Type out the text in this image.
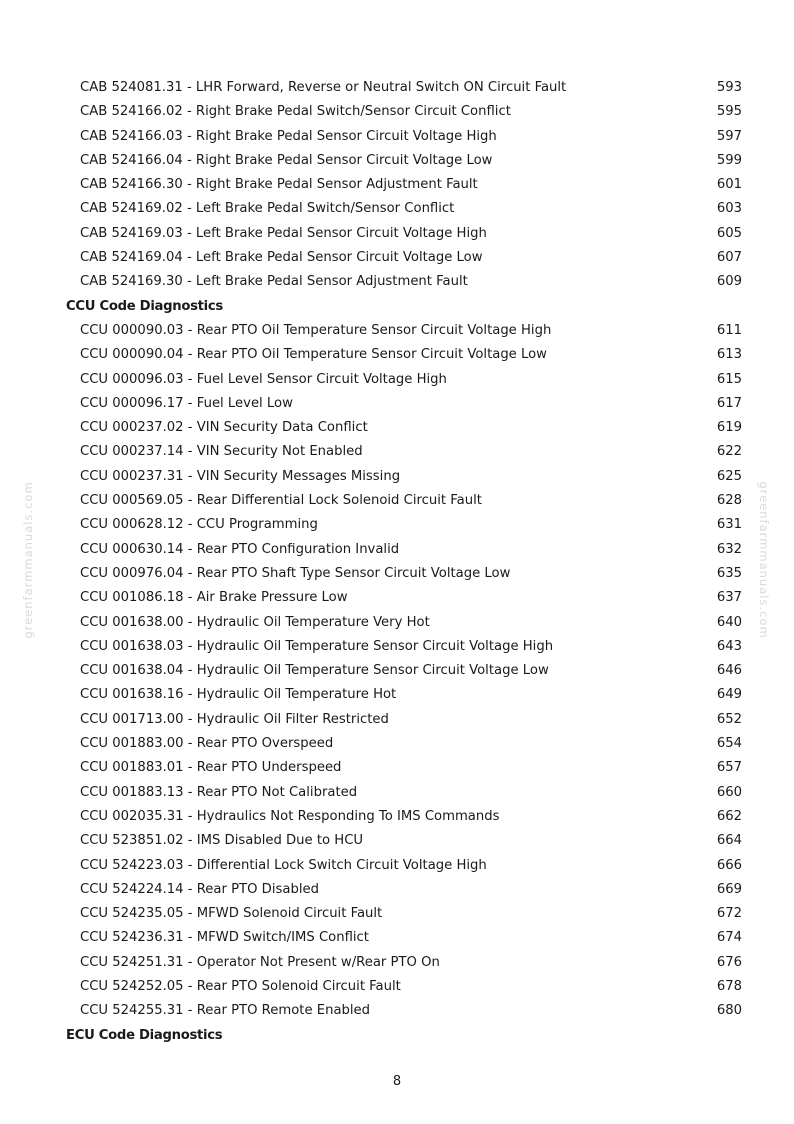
CAB 524081.31 - LHR Forward, Reverse or Neutral Switch ON Circuit Fault	593
CAB 524166.02 - Right Brake Pedal Switch/Sensor Circuit Conflict	595
CAB 524166.03 - Right Brake Pedal Sensor Circuit Voltage High	597
CAB 524166.04 - Right Brake Pedal Sensor Circuit Voltage Low	599
CAB 524166.30 - Right Brake Pedal Sensor Adjustment Fault	601
CAB 524169.02 - Left Brake Pedal Switch/Sensor Conflict	603
CAB 524169.03 - Left Brake Pedal Sensor Circuit Voltage High	605
CAB 524169.04 - Left Brake Pedal Sensor Circuit Voltage Low	607
CAB 524169.30 - Left Brake Pedal Sensor Adjustment Fault	609
CCU Code Diagnostics
CCU 000090.03 - Rear PTO Oil Temperature Sensor Circuit Voltage High	611
CCU 000090.04 - Rear PTO Oil Temperature Sensor Circuit Voltage Low	613
CCU 000096.03 - Fuel Level Sensor Circuit Voltage High	615
CCU 000096.17 - Fuel Level Low	617
CCU 000237.02 - VIN Security Data Conflict	619
CCU 000237.14 - VIN Security Not Enabled	622
CCU 000237.31 - VIN Security Messages Missing	625
CCU 000569.05 - Rear Differential Lock Solenoid Circuit Fault	628
CCU 000628.12 - CCU Programming	631
CCU 000630.14 - Rear PTO Configuration Invalid	632
CCU 000976.04 - Rear PTO Shaft Type Sensor Circuit Voltage Low	635
CCU 001086.18 - Air Brake Pressure Low	637
CCU 001638.00 - Hydraulic Oil Temperature Very Hot	640
CCU 001638.03 - Hydraulic Oil Temperature Sensor Circuit Voltage High	643
CCU 001638.04 - Hydraulic Oil Temperature Sensor Circuit Voltage Low	646
CCU 001638.16 - Hydraulic Oil Temperature Hot	649
CCU 001713.00 - Hydraulic Oil Filter Restricted	652
CCU 001883.00 - Rear PTO Overspeed	654
CCU 001883.01 - Rear PTO Underspeed	657
CCU 001883.13 - Rear PTO Not Calibrated	660
CCU 002035.31 - Hydraulics Not Responding To IMS Commands	662
CCU 523851.02 - IMS Disabled Due to HCU	664
CCU 524223.03 - Differential Lock Switch Circuit Voltage High	666
CCU 524224.14 - Rear PTO Disabled	669
CCU 524235.05 - MFWD Solenoid Circuit Fault	672
CCU 524236.31 - MFWD Switch/IMS Conflict	674
CCU 524251.31 - Operator Not Present w/Rear PTO On	676
CCU 524252.05 - Rear PTO Solenoid Circuit Fault	678
CCU 524255.31 - Rear PTO Remote Enabled	680
ECU Code Diagnostics
8
greenfarmmanuals.com	greenfarmmanuals.com
